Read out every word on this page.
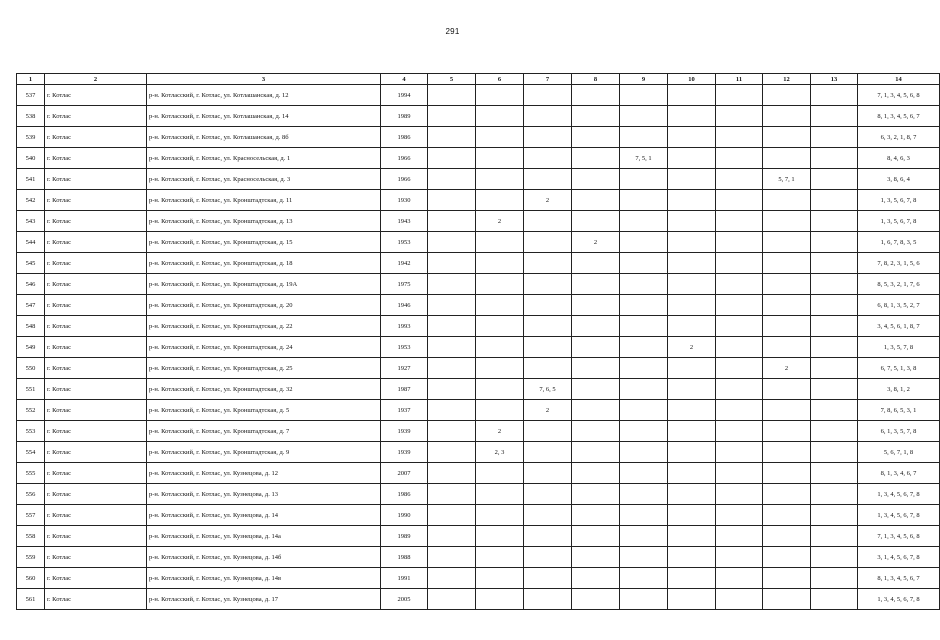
291
1	2	3	4	5	6	7	8	9	10	11	12	13	14
537	г. Котлас	р-н. Котласский, г. Котлас, ул. Котлашанская, д. 12	1994										7, 1, 3, 4, 5, 6, 8
538	г. Котлас	р-н. Котласский, г. Котлас, ул. Котлашанская, д. 14	1989										8, 1, 3, 4, 5, 6, 7
539	г. Котлас	р-н. Котласский, г. Котлас, ул. Котлашанская, д. 8б	1986										6, 3, 2, 1, 8, 7
540	г. Котлас	р-н. Котласский, г. Котлас, ул. Красносельская, д. 1	1966					7, 5, 1					8, 4, 6, 3
541	г. Котлас	р-н. Котласский, г. Котлас, ул. Красносельская, д. 3	1966								5, 7, 1		3, 8, 6, 4
542	г. Котлас	р-н. Котласский, г. Котлас, ул. Кронштадтская, д. 11	1930			2							1, 3, 5, 6, 7, 8
543	г. Котлас	р-н. Котласский, г. Котлас, ул. Кронштадтская, д. 13	1943		2								1, 3, 5, 6, 7, 8
544	г. Котлас	р-н. Котласский, г. Котлас, ул. Кронштадтская, д. 15	1953				2						1, 6, 7, 8, 3, 5
545	г. Котлас	р-н. Котласский, г. Котлас, ул. Кронштадтская, д. 18	1942										7, 8, 2, 3, 1, 5, 6
546	г. Котлас	р-н. Котласский, г. Котлас, ул. Кронштадтская, д. 19А	1975										8, 5, 3, 2, 1, 7, 6
547	г. Котлас	р-н. Котласский, г. Котлас, ул. Кронштадтская, д. 20	1946										6, 8, 1, 3, 5, 2, 7
548	г. Котлас	р-н. Котласский, г. Котлас, ул. Кронштадтская, д. 22	1993										3, 4, 5, 6, 1, 8, 7
549	г. Котлас	р-н. Котласский, г. Котлас, ул. Кронштадтская, д. 24	1953						2				1, 3, 5, 7, 8
550	г. Котлас	р-н. Котласский, г. Котлас, ул. Кронштадтская, д. 25	1927								2		6, 7, 5, 1, 3, 8
551	г. Котлас	р-н. Котласский, г. Котлас, ул. Кронштадтская, д. 32	1987			7, 6, 5							3, 8, 1, 2
552	г. Котлас	р-н. Котласский, г. Котлас, ул. Кронштадтская, д. 5	1937			2							7, 8, 6, 5, 3, 1
553	г. Котлас	р-н. Котласский, г. Котлас, ул. Кронштадтская, д. 7	1939		2								6, 1, 3, 5, 7, 8
554	г. Котлас	р-н. Котласский, г. Котлас, ул. Кронштадтская, д. 9	1939		2, 3								5, 6, 7, 1, 8
555	г. Котлас	р-н. Котласский, г. Котлас, ул. Кузнецова, д. 12	2007										8, 1, 3, 4, 6, 7
556	г. Котлас	р-н. Котласский, г. Котлас, ул. Кузнецова, д. 13	1986										1, 3, 4, 5, 6, 7, 8
557	г. Котлас	р-н. Котласский, г. Котлас, ул. Кузнецова, д. 14	1990										1, 3, 4, 5, 6, 7, 8
558	г. Котлас	р-н. Котласский, г. Котлас, ул. Кузнецова, д. 14а	1989										7, 1, 3, 4, 5, 6, 8
559	г. Котлас	р-н. Котласский, г. Котлас, ул. Кузнецова, д. 14б	1988										3, 1, 4, 5, 6, 7, 8
560	г. Котлас	р-н. Котласский, г. Котлас, ул. Кузнецова, д. 14в	1991										8, 1, 3, 4, 5, 6, 7
561	г. Котлас	р-н. Котласский, г. Котлас, ул. Кузнецова, д. 17	2005										1, 3, 4, 5, 6, 7, 8
